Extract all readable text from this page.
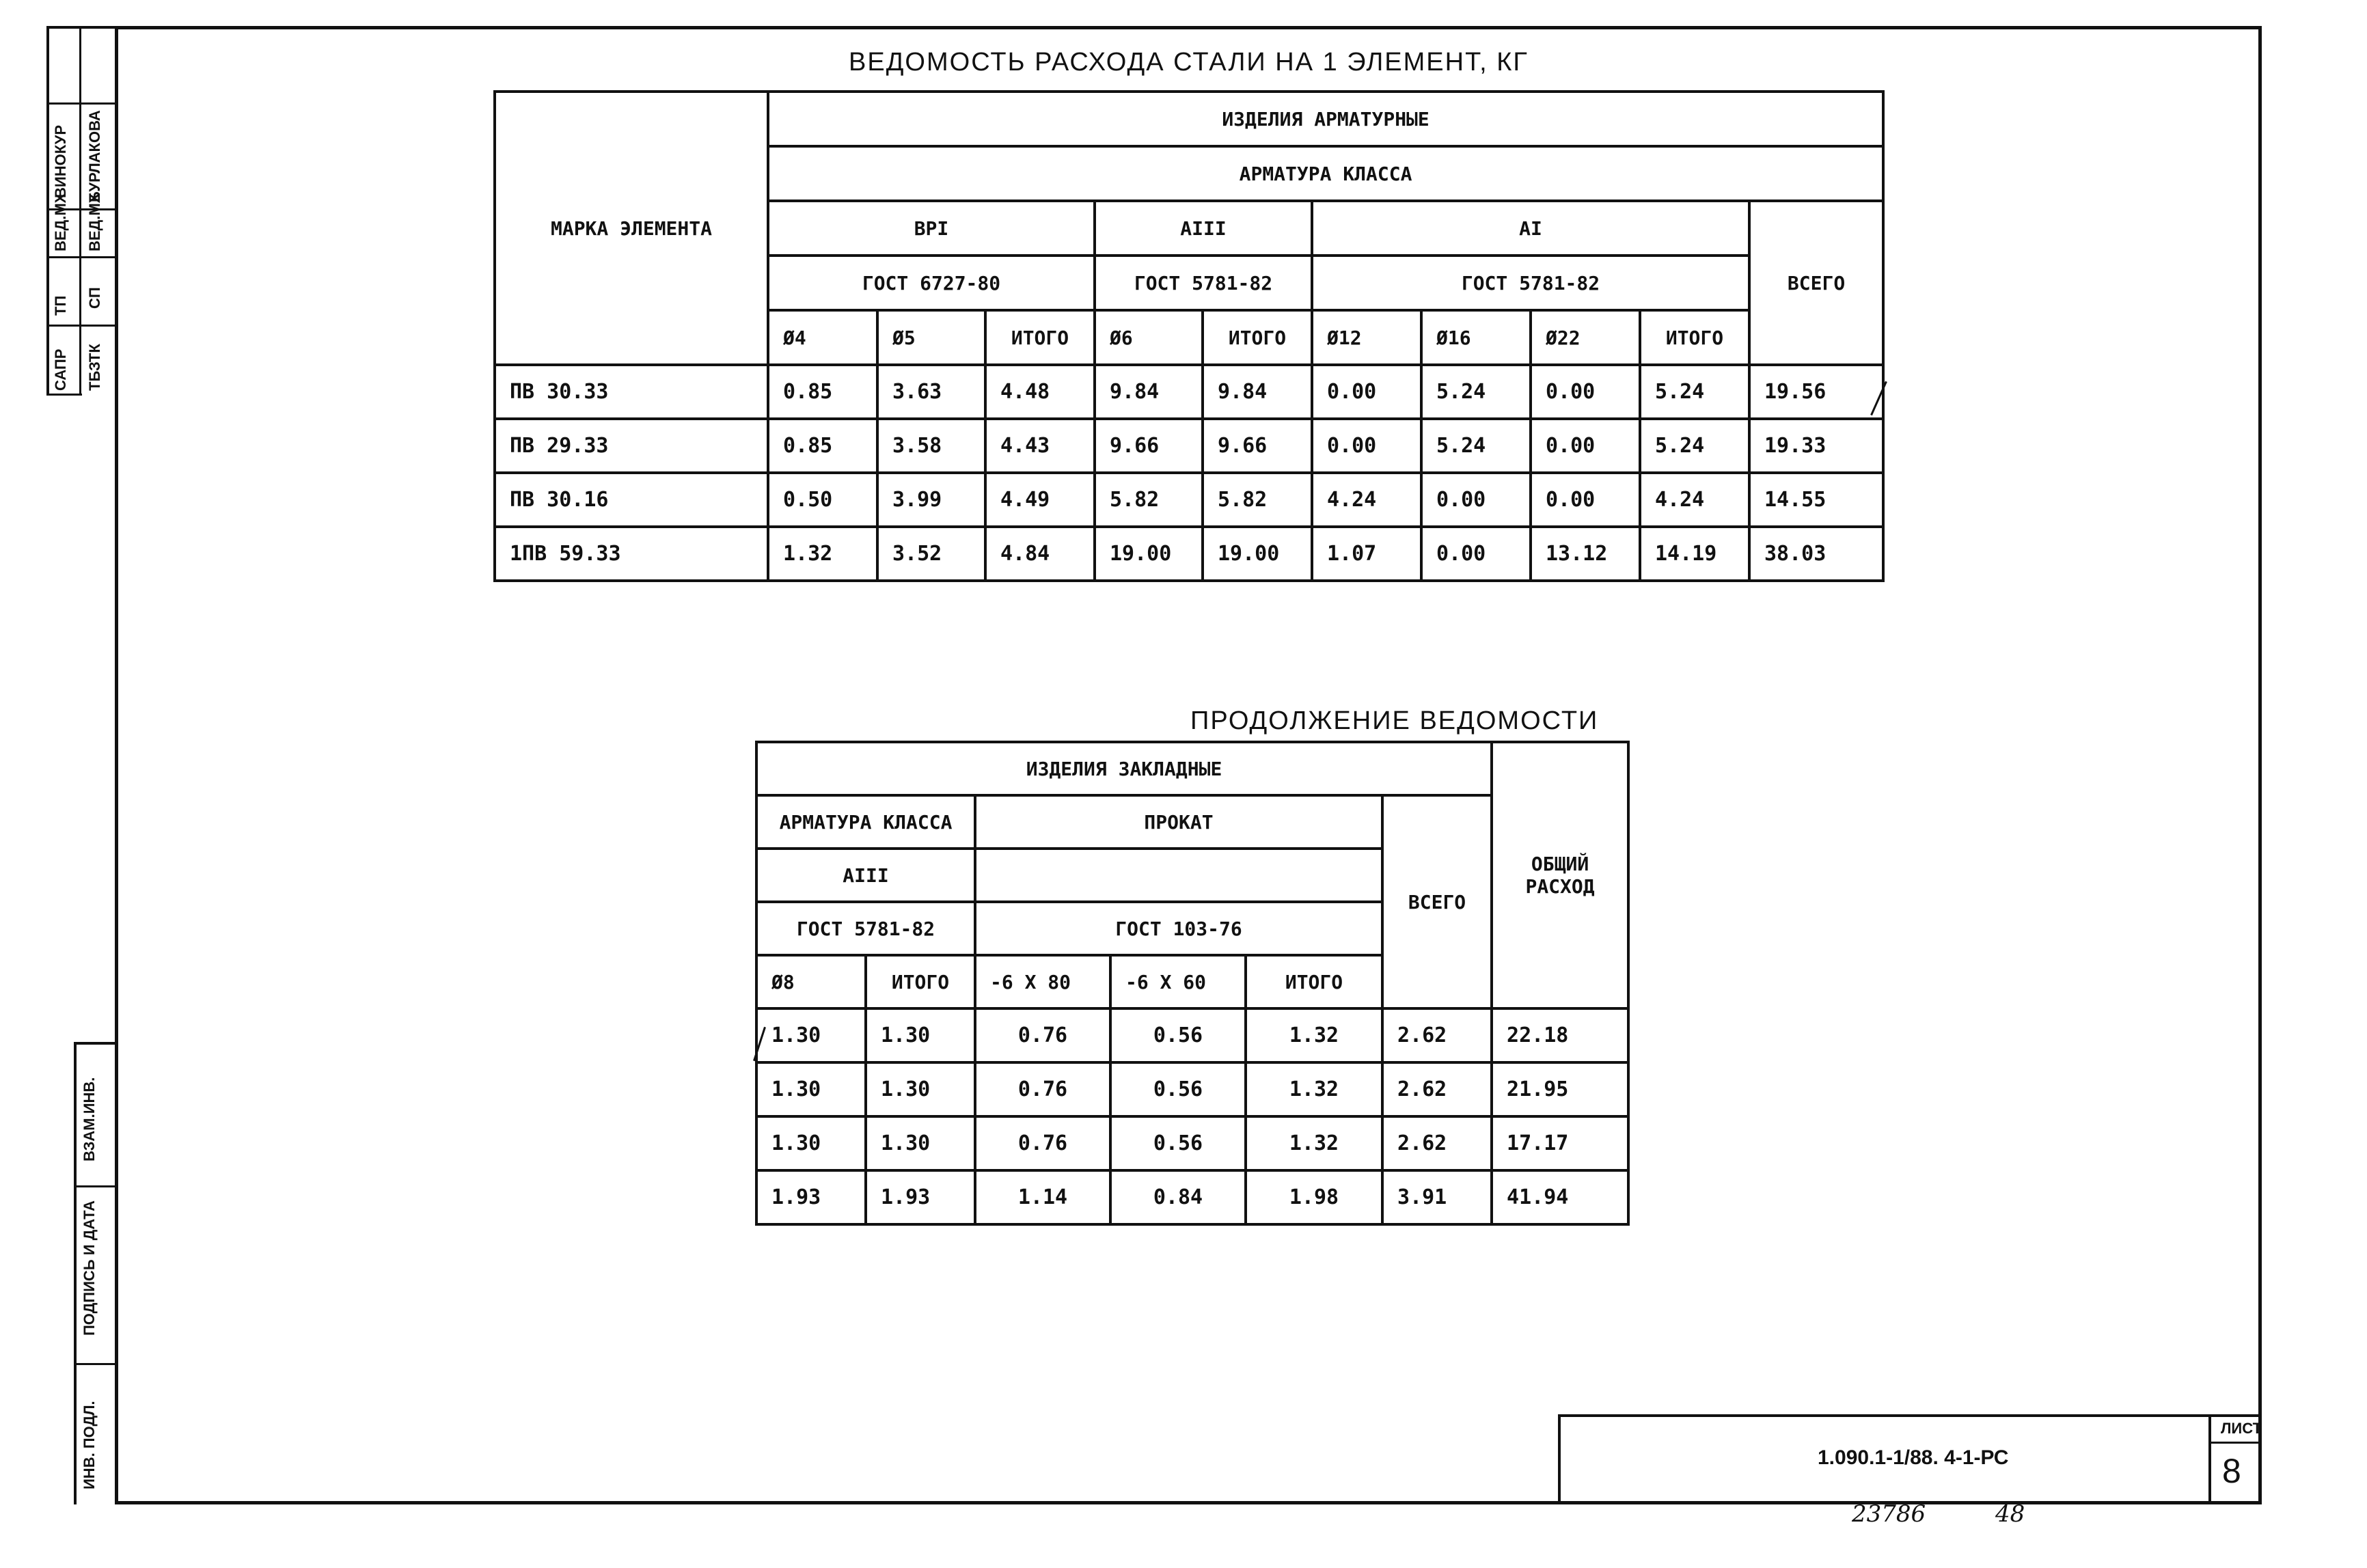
САПР
ТП
ВЕД.МХ
ВИНОКУР
ТБЗТК
СП
ВЕД.МХ
БУРЛАКОВА
ВЗАМ.ИНВ.
ПОДПИСЬ И ДАТА
ИНВ. ПОДЛ.
ВЕДОМОСТЬ РАСХОДА СТАЛИ НА 1 ЭЛЕМЕНТ, КГ
МАРКА ЭЛЕМЕНТА	ИЗДЕЛИЯ АРМАТУРНЫЕ									
	АРМАТУРА КЛАССА									
	ВРI			AIII		AI				ВСЕГО
	ГОСТ 6727-80			ГОСТ 5781-82		ГОСТ 5781-82				
	Ø4	Ø5	ИТОГО	Ø6	ИТОГО	Ø12	Ø16	Ø22	ИТОГО	
ПВ 30.33	0.85	3.63	4.48	9.84	9.84	0.00	5.24	0.00	5.24	19.56
ПВ 29.33	0.85	3.58	4.43	9.66	9.66	0.00	5.24	0.00	5.24	19.33
ПВ 30.16	0.50	3.99	4.49	5.82	5.82	4.24	0.00	0.00	4.24	14.55
1ПВ 59.33	1.32	3.52	4.84	19.00	19.00	1.07	0.00	13.12	14.19	38.03
ПРОДОЛЖЕНИЕ ВЕДОМОСТИ
ИЗДЕЛИЯ ЗАКЛАДНЫЕ						ОБЩИЙ
РАСХОД
АРМАТУРА КЛАССА		ПРОКАТ			ВСЕГО	
AIII						
ГОСТ 5781-82		ГОСТ 103-76				
Ø8	ИТОГО	-6 X 80	-6 X 60	ИТОГО		
1.30	1.30	0.76	0.56	1.32	2.62	22.18
1.30	1.30	0.76	0.56	1.32	2.62	21.95
1.30	1.30	0.76	0.56	1.32	2.62	17.17
1.93	1.93	1.14	0.84	1.98	3.91	41.94
1.090.1-1/88. 4-1-РС
ЛИСТ
8
23786	48
